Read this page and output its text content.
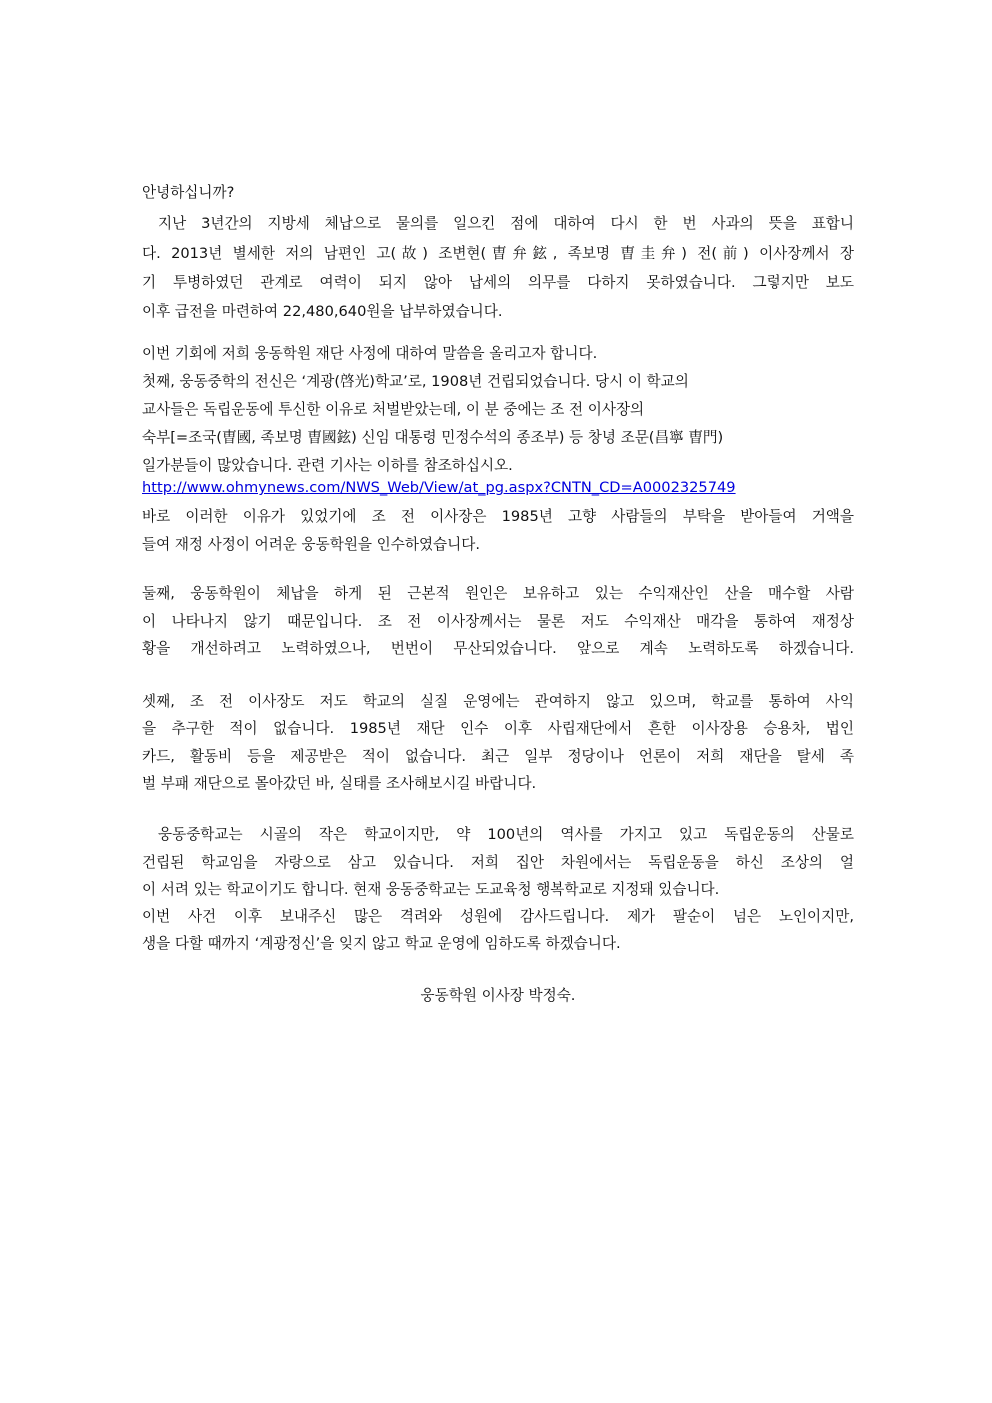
안녕하십니까?
지난 3년간의 지방세 체납으로 물의를 일으킨 점에 대하여 다시 한 번 사과의 뜻을 표합니
다. 2013년 별세한 저의 남편인 고(故) 조변현(曺弁鉉, 족보명 曺圭弁) 전(前) 이사장께서 장
기 투병하였던 관계로 여력이 되지 않아 납세의 의무를 다하지 못하였습니다. 그렇지만 보도
이후 급전을 마련하여 22,480,640원을 납부하였습니다.
이번 기회에 저희 웅동학원 재단 사정에 대하여 말씀을 올리고자 합니다.
첫째, 웅동중학의 전신은 ‘계광(啓光)학교’로, 1908년 건립되었습니다. 당시 이 학교의
교사들은 독립운동에 투신한 이유로 처벌받았는데, 이 분 중에는 조 전 이사장의
숙부[=조국(曺國, 족보명 曺國鉉) 신임 대통령 민정수석의 종조부) 등 창녕 조문(昌寧 曺門)
일가분들이 많았습니다. 관련 기사는 이하를 참조하십시오.
http://www.ohmynews.com/NWS_Web/View/at_pg.aspx?CNTN_CD=A0002325749
바로 이러한 이유가 있었기에 조 전 이사장은 1985년 고향 사람들의 부탁을 받아들여 거액을
들여 재정 사정이 어려운 웅동학원을 인수하였습니다.
둘째, 웅동학원이 체납을 하게 된 근본적 원인은 보유하고 있는 수익재산인 산을 매수할 사람
이 나타나지 않기 때문입니다. 조 전 이사장께서는 물론 저도 수익재산 매각을 통하여 재정상
황을 개선하려고 노력하였으나, 번번이 무산되었습니다. 앞으로 계속 노력하도록 하겠습니다.
셋째, 조 전 이사장도 저도 학교의 실질 운영에는 관여하지 않고 있으며, 학교를 통하여 사익
을 추구한 적이 없습니다. 1985년 재단 인수 이후 사립재단에서 흔한 이사장용 승용차, 법인
카드, 활동비 등을 제공받은 적이 없습니다. 최근 일부 정당이나 언론이 저희 재단을 탈세 족
벌 부패 재단으로 몰아갔던 바, 실태를 조사해보시길 바랍니다.
웅동중학교는 시골의 작은 학교이지만, 약 100년의 역사를 가지고 있고 독립운동의 산물로
건립된 학교임을 자랑으로 삼고 있습니다. 저희 집안 차원에서는 독립운동을 하신 조상의 얼
이 서려 있는 학교이기도 합니다. 현재 웅동중학교는 도교육청 행복학교로 지정돼 있습니다.
이번 사건 이후 보내주신 많은 격려와 성원에 감사드립니다. 제가 팔순이 넘은 노인이지만,
생을 다할 때까지 ‘계광정신’을 잊지 않고 학교 운영에 임하도록 하겠습니다.
웅동학원 이사장 박정숙.
